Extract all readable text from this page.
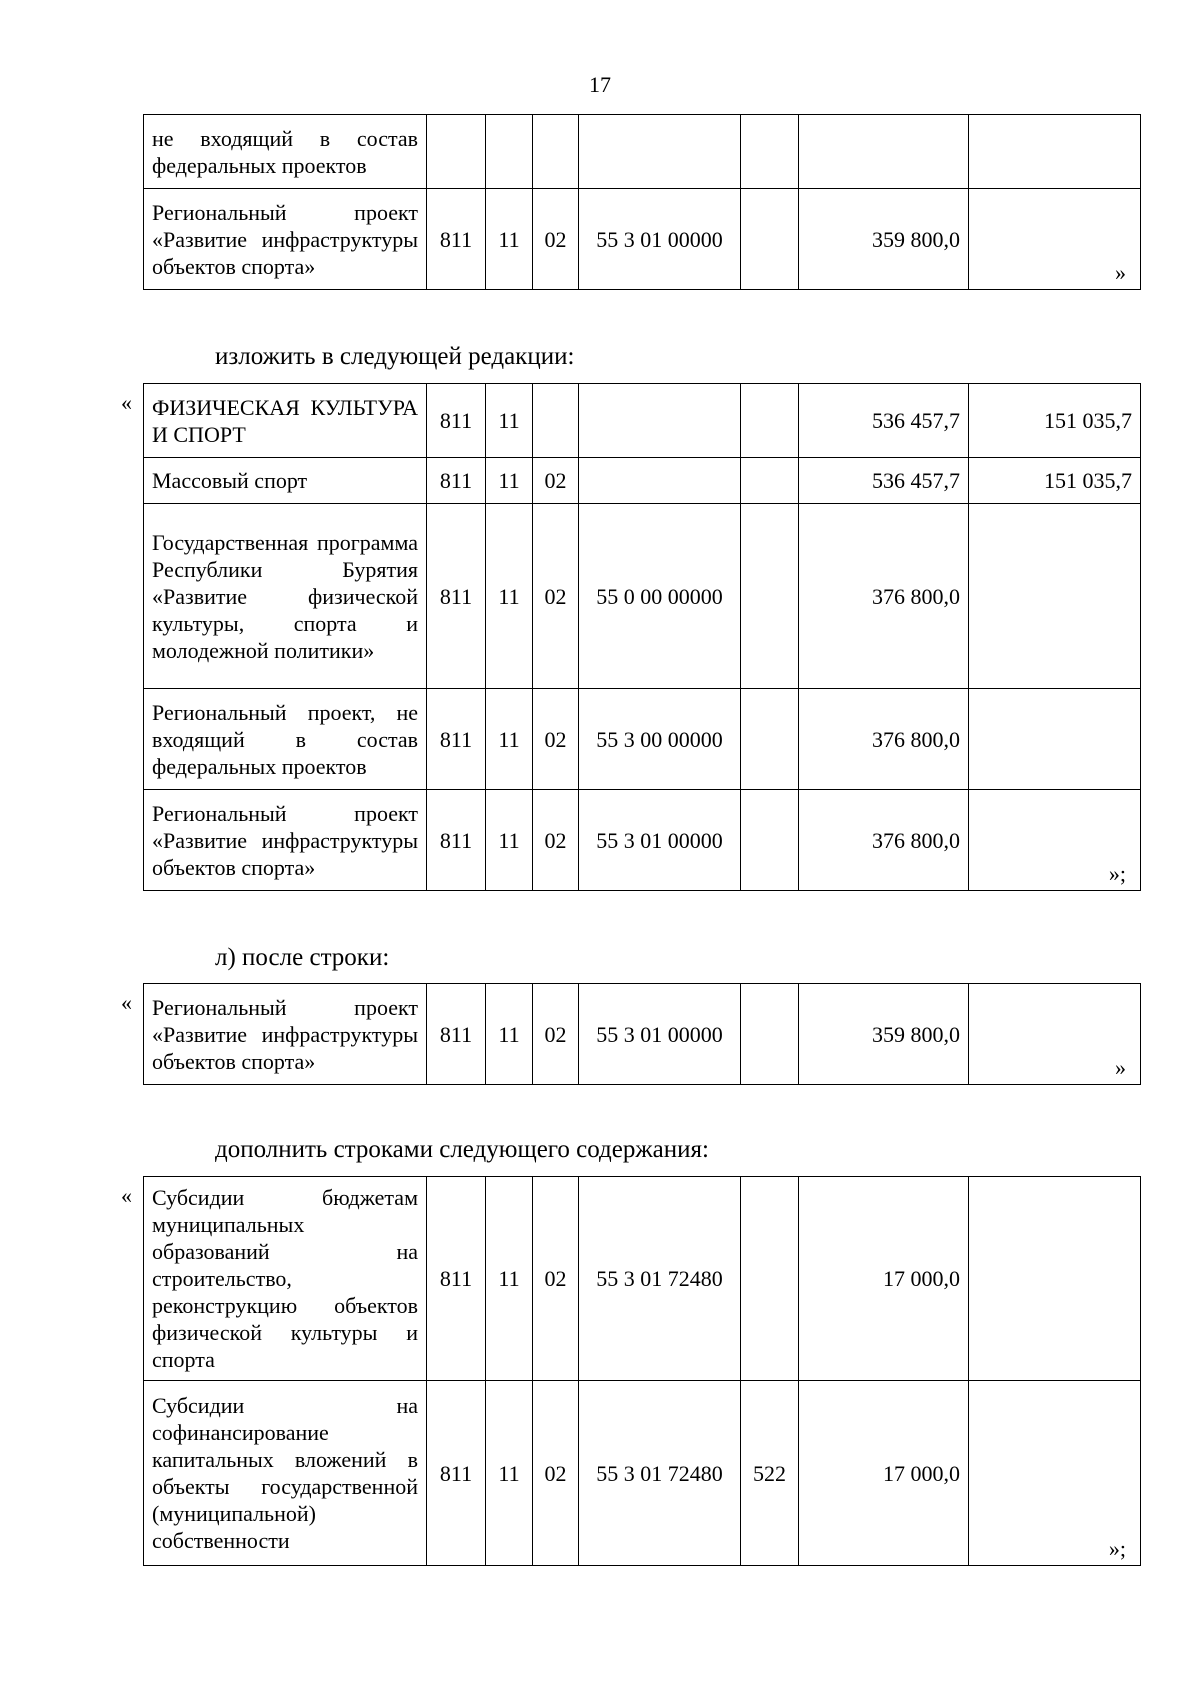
17
не входящий в состав федеральных проектов							
Региональный проект «Развитие инфраструктуры объектов спорта»	811	11	02	55 3 01 00000		359 800,0	
»
изложить в следующей редакции:
« ФИЗИЧЕСКАЯ КУЛЬТУРА И СПОРТ	811	11				536 457,7	151 035,7
Массовый спорт	811	11	02			536 457,7	151 035,7
Государственная программа Республики Бурятия «Развитие физической культуры, спорта и молодежной политики»	811	11	02	55 0 00 00000		376 800,0	
Региональный проект, не входящий в состав федеральных проектов	811	11	02	55 3 00 00000		376 800,0	
Региональный проект «Развитие инфраструктуры объектов спорта»	811	11	02	55 3 01 00000		376 800,0	
»;
л) после строки:
« Региональный проект «Развитие инфраструктуры объектов спорта»	811	11	02	55 3 01 00000		359 800,0	
»
дополнить строками следующего содержания:
« Субсидии бюджетам муниципальных образований на строительство, реконструкцию объектов физической культуры и спорта	811	11	02	55 3 01 72480		17 000,0	
Субсидии на софинансирование капитальных вложений в объекты государственной (муниципальной) собственности	811	11	02	55 3 01 72480	522	17 000,0	
»;
